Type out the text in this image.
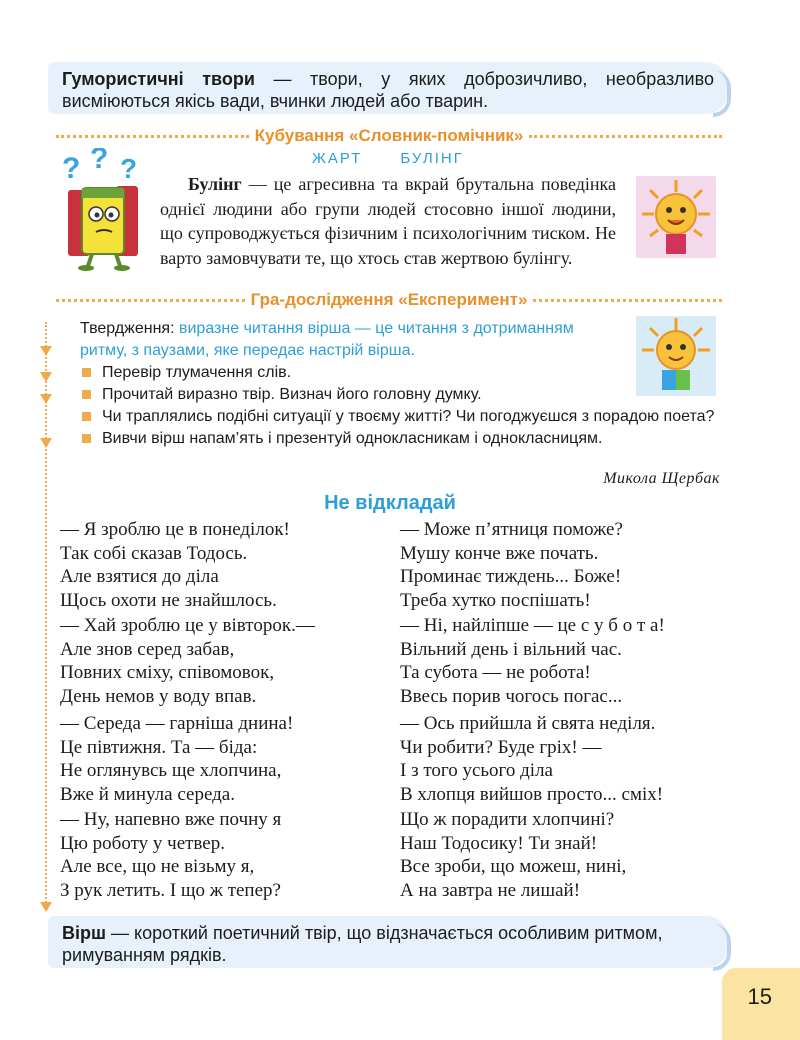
Гумористичні твори — твори, у яких доброзичливо, необразливо висміюються якісь вади, вчинки людей або тварин.
Кубування «Словник-помічник»
? ? ?	ЖАРТ	БУЛІНГ
Булінг — це агресивна та вкрай брутальна поведінка однієї людини або групи людей стосовно іншої людини, що супроводжується фізичним і психологічним тиском. Не варто замовчувати те, що хтось став жертвою булінгу.
Гра-дослідження «Експеримент»
Твердження: виразне читання вірша — це читання з дотриманням ритму, з паузами, яке передає настрій вірша.
Перевір тлумачення слів.
Прочитай виразно твір. Визнач його головну думку.
Чи траплялись подібні ситуації у твоєму житті? Чи погоджуєшся з порадою поета?
Вивчи вірш напам’ять і презентуй однокласникам і однокласницям.
Микола Щербак
Не відкладай
— Я зроблю це в понеділок!
Так собі сказав Тодось.
Але взятися до діла
Щось охоти не знайшлось.
— Хай зроблю це у вівторок.—
Але знов серед забав,
Повних сміху, співомовок,
День немов у воду впав.
— Середа — гарніша днина!
Це півтижня. Та — біда:
Не оглянувсь ще хлопчина,
Вже й минула середа.
— Ну, напевно вже почну я
Цю роботу у четвер.
Але все, що не візьму я,
З рук летить. І що ж тепер?
— Може п’ятниця поможе?
Мушу конче вже почать.
Проминає тиждень... Боже!
Треба хутко поспішать!
— Ні, найліпше — це с у б о т а!
Вільний день і вільний час.
Та субота — не робота!
Ввесь порив чогось погас...
— Ось прийшла й свята неділя.
Чи робити? Буде гріх! —
І з того усього діла
В хлопця вийшов просто... сміх!
Що ж порадити хлопчині?
Наш Тодосику! Ти знай!
Все зроби, що можеш, нині,
А на завтра не лишай!
Вірш — короткий поетичний твір, що відзначається особливим ритмом, римуванням рядків.
15
